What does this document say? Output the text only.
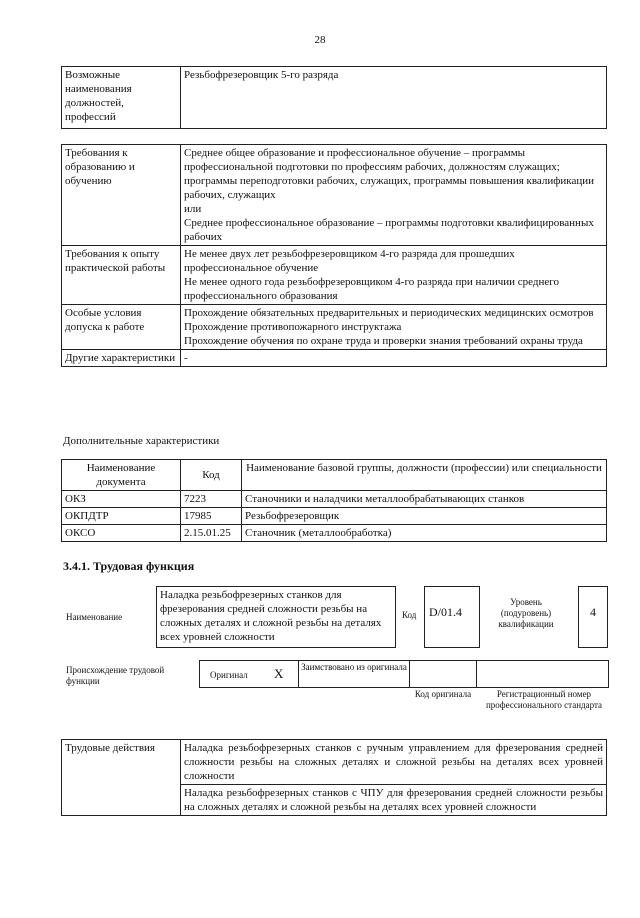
28
Возможные наименования должностей, профессий	Резьбофрезеровщик 5-го разряда
Требования к образованию и обучению	Среднее общее образование и профессиональное обучение – программы профессиональной подготовки по профессиям рабочих, должностям служащих; программы переподготовки рабочих, служащих, программы повышения квалификации рабочих, служащих
или
Среднее профессиональное образование – программы подготовки квалифицированных рабочих

Требования к опыту практической работы	Не менее двух лет резьбофрезеровщиком 4-го разряда для прошедших профессиональное обучение
Не менее одного года резьбофрезеровщиком 4-го разряда при наличии среднего профессионального образования

Особые условия допуска к работе	Прохождение обязательных предварительных и периодических медицинских осмотров
Прохождение противопожарного инструктажа
Прохождение обучения по охране труда и проверки знания требований охраны труда

Другие характеристики	-
Дополнительные характеристики
Наименование документа	Код	Наименование базовой группы, должности (профессии) или специальности
ОКЗ	7223	Станочники и наладчики металлообрабатывающих станков
ОКПДТР	17985	Резьбофрезеровщик
ОКСО	2.15.01.25	Станочник (металлообработка)
3.4.1. Трудовая функция
Наименование
Наладка резьбофрезерных станков для фрезерования средней сложности резьбы на сложных деталях и сложной резьбы на деталях всех уровней сложности
Код	D/01.4
Уровень (подуровень) квалификации
4
Происхождение трудовой функции
Оригинал X Заимствовано из оригинала
Код оригинала	Регистрационный номер профессионального стандарта
Трудовые действия	Наладка резьбофрезерных станков с ручным управлением для фрезерования средней сложности резьбы на сложных деталях и сложной резьбы на деталях всех уровней сложности
Наладка резьбофрезерных станков с ЧПУ для фрезерования средней сложности резьбы на сложных деталях и сложной резьбы на деталях всех уровней сложности
